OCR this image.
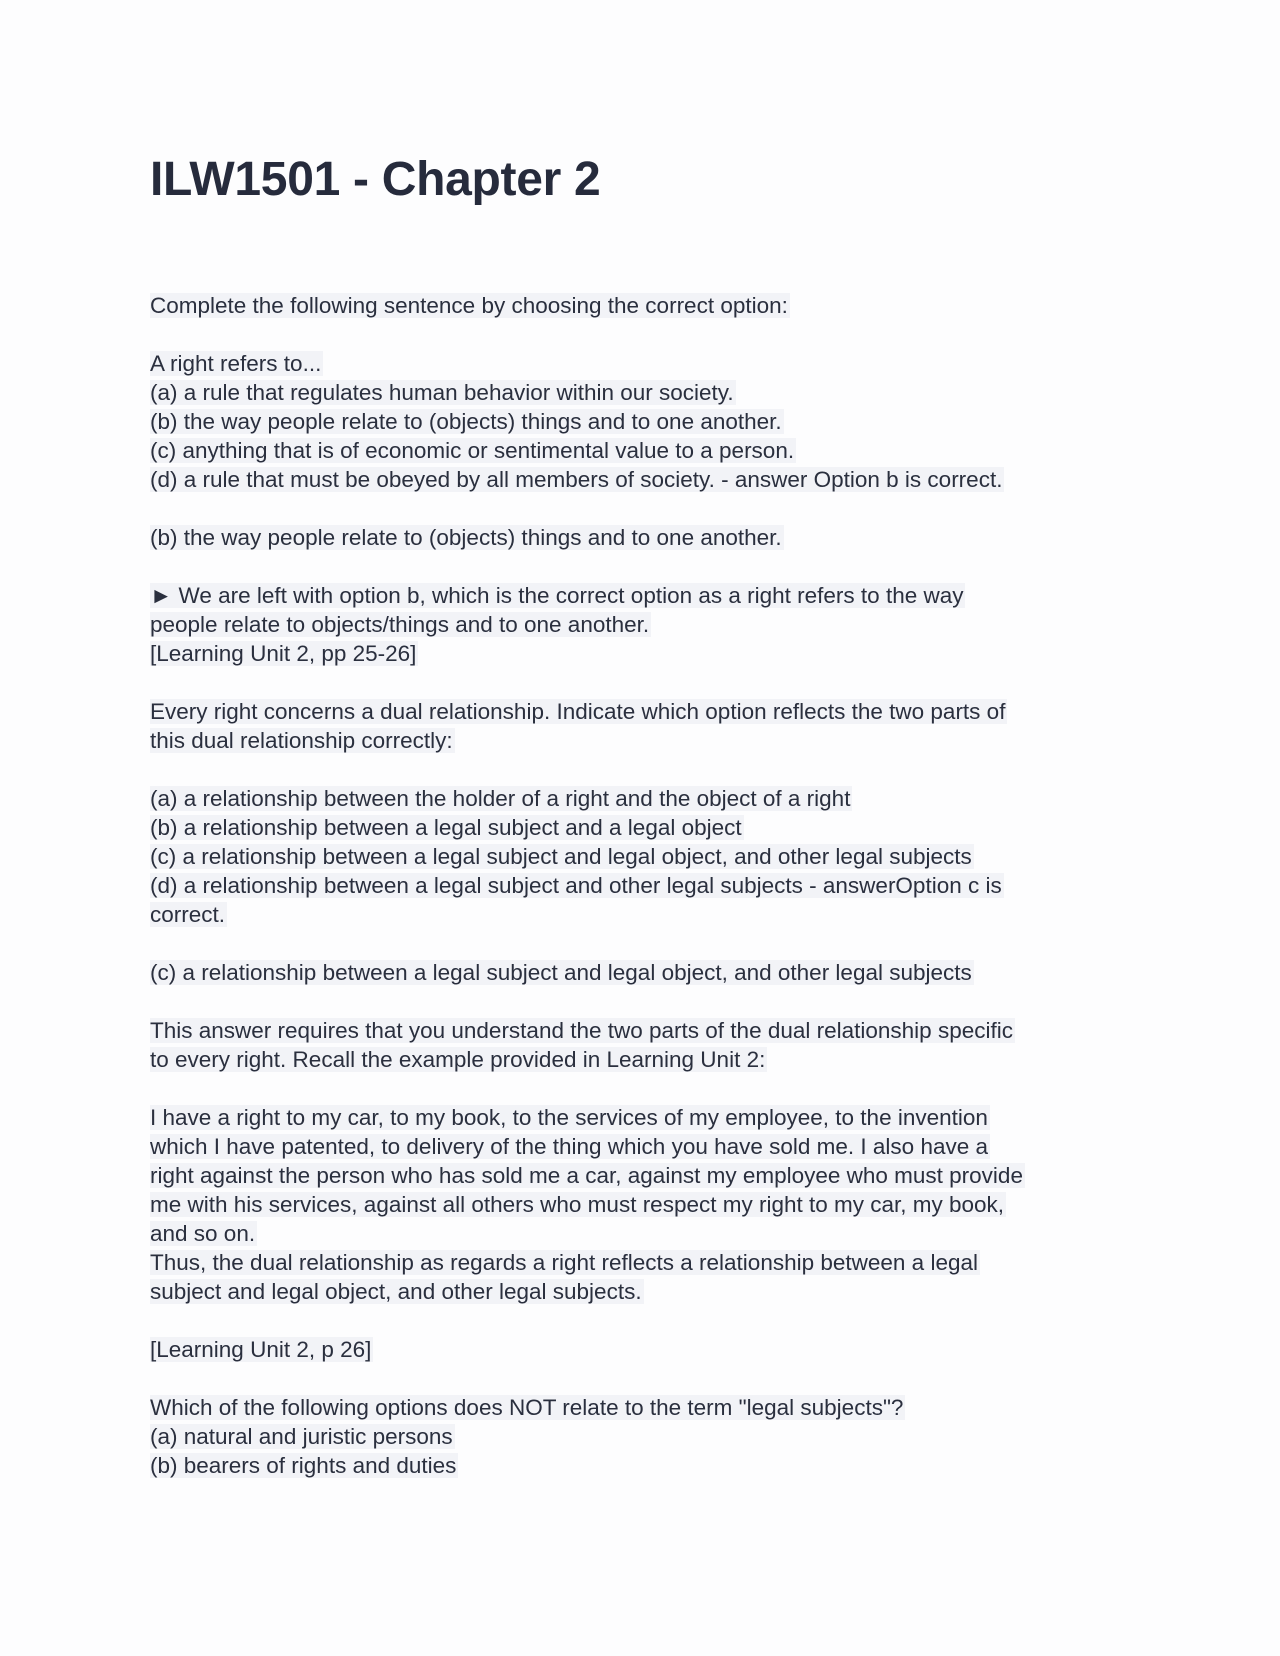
ILW1501 - Chapter 2
Complete the following sentence by choosing the correct option:
A right refers to...
(a) a rule that regulates human behavior within our society.
(b) the way people relate to (objects) things and to one another.
(c) anything that is of economic or sentimental value to a person.
(d) a rule that must be obeyed by all members of society. - answer Option b is correct.
(b) the way people relate to (objects) things and to one another.
► We are left with option b, which is the correct option as a right refers to the way
people relate to objects/things and to one another.
[Learning Unit 2, pp 25-26]
Every right concerns a dual relationship. Indicate which option reflects the two parts of
this dual relationship correctly:
(a) a relationship between the holder of a right and the object of a right
(b) a relationship between a legal subject and a legal object
(c) a relationship between a legal subject and legal object, and other legal subjects
(d) a relationship between a legal subject and other legal subjects - answerOption c is
correct.
(c) a relationship between a legal subject and legal object, and other legal subjects
This answer requires that you understand the two parts of the dual relationship specific
to every right. Recall the example provided in Learning Unit 2:
I have a right to my car, to my book, to the services of my employee, to the invention
which I have patented, to delivery of the thing which you have sold me. I also have a
right against the person who has sold me a car, against my employee who must provide
me with his services, against all others who must respect my right to my car, my book,
and so on.
Thus, the dual relationship as regards a right reflects a relationship between a legal
subject and legal object, and other legal subjects.
[Learning Unit 2, p 26]
Which of the following options does NOT relate to the term "legal subjects"?
(a) natural and juristic persons
(b) bearers of rights and duties
